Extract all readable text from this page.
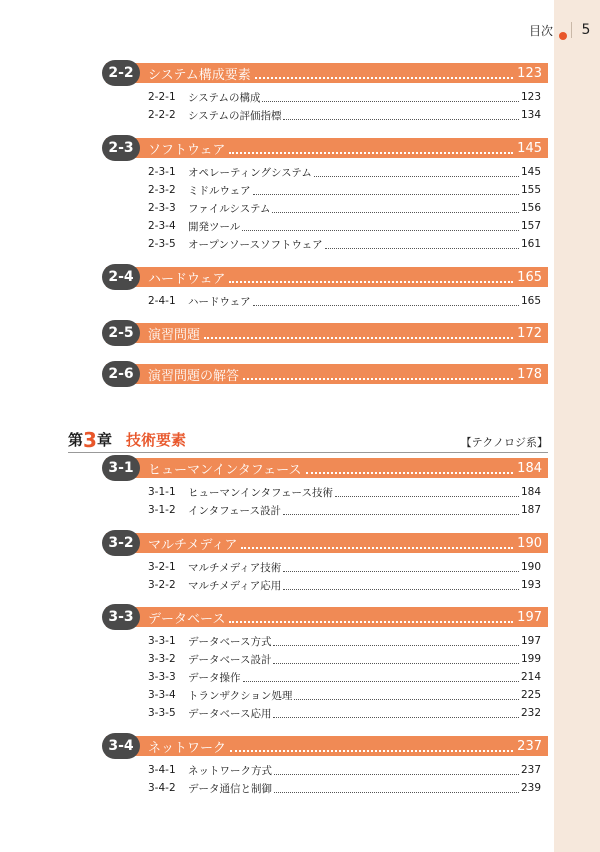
目次	5
2-2	システム構成要素	123
2-2-1	システムの構成	123
2-2-2	システムの評価指標	134
2-3	ソフトウェア	145
2-3-1	オペレーティングシステム	145
2-3-2	ミドルウェア	155
2-3-3	ファイルシステム	156
2-3-4	開発ツール	157
2-3-5	オープンソースソフトウェア	161
2-4	ハードウェア	165
2-4-1	ハードウェア	165
2-5	演習問題	172
2-6	演習問題の解答	178
第 3 章 技術要素	【テクノロジ系】
3-1	ヒューマンインタフェース	184
3-1-1	ヒューマンインタフェース技術	184
3-1-2	インタフェース設計	187
3-2	マルチメディア	190
3-2-1	マルチメディア技術	190
3-2-2	マルチメディア応用	193
3-3	データベース	197
3-3-1	データベース方式	197
3-3-2	データベース設計	199
3-3-3	データ操作	214
3-3-4	トランザクション処理	225
3-3-5	データベース応用	232
3-4	ネットワーク	237
3-4-1	ネットワーク方式	237
3-4-2	データ通信と制御	239
